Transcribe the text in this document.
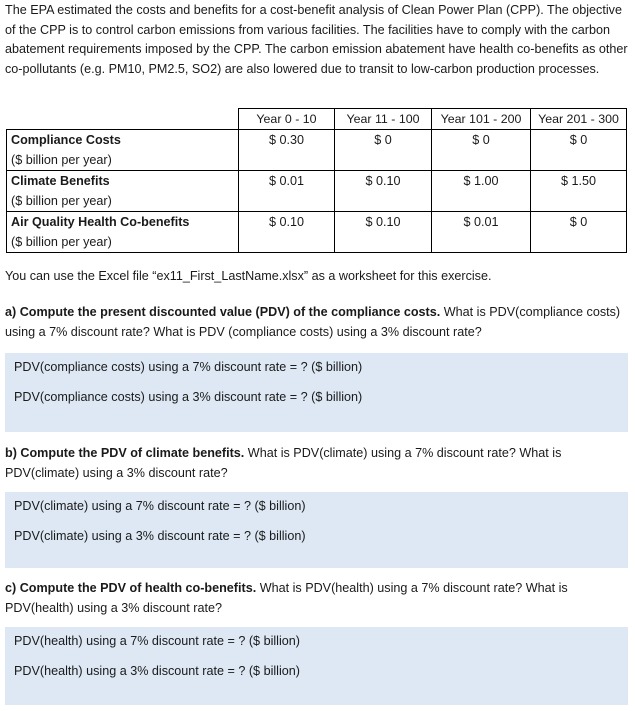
The EPA estimated the costs and benefits for a cost-benefit analysis of Clean Power Plan (CPP). The objective of the CPP is to control carbon emissions from various facilities. The facilities have to comply with the carbon abatement requirements imposed by the CPP. The carbon emission abatement have health co-benefits as other co-pollutants (e.g. PM10, PM2.5, SO2) are also lowered due to transit to low-carbon production processes.
	Year 0 - 10	Year 11 - 100	Year 101 - 200	Year 201 - 300

Compliance Costs
($ billion per year)	$ 0.30	$ 0	$ 0	$ 0

Climate Benefits
($ billion per year)	$ 0.01	$ 0.10	$ 1.00	$ 1.50

Air Quality Health Co-benefits
($ billion per year)	$ 0.10	$ 0.10	$ 0.01	$ 0
You can use the Excel file “ex11_First_LastName.xlsx” as a worksheet for this exercise.
a) Compute the present discounted value (PDV) of the compliance costs. What is PDV(compliance costs) using a 7% discount rate? What is PDV (compliance costs) using a 3% discount rate?
PDV(compliance costs) using a 7% discount rate = ? ($ billion)
PDV(compliance costs) using a 3% discount rate = ? ($ billion)
b) Compute the PDV of climate benefits. What is PDV(climate) using a 7% discount rate? What is PDV(climate) using a 3% discount rate?
PDV(climate) using a 7% discount rate = ? ($ billion)
PDV(climate) using a 3% discount rate = ? ($ billion)
c) Compute the PDV of health co-benefits. What is PDV(health) using a 7% discount rate? What is PDV(health) using a 3% discount rate?
PDV(health) using a 7% discount rate = ? ($ billion)
PDV(health) using a 3% discount rate = ? ($ billion)
